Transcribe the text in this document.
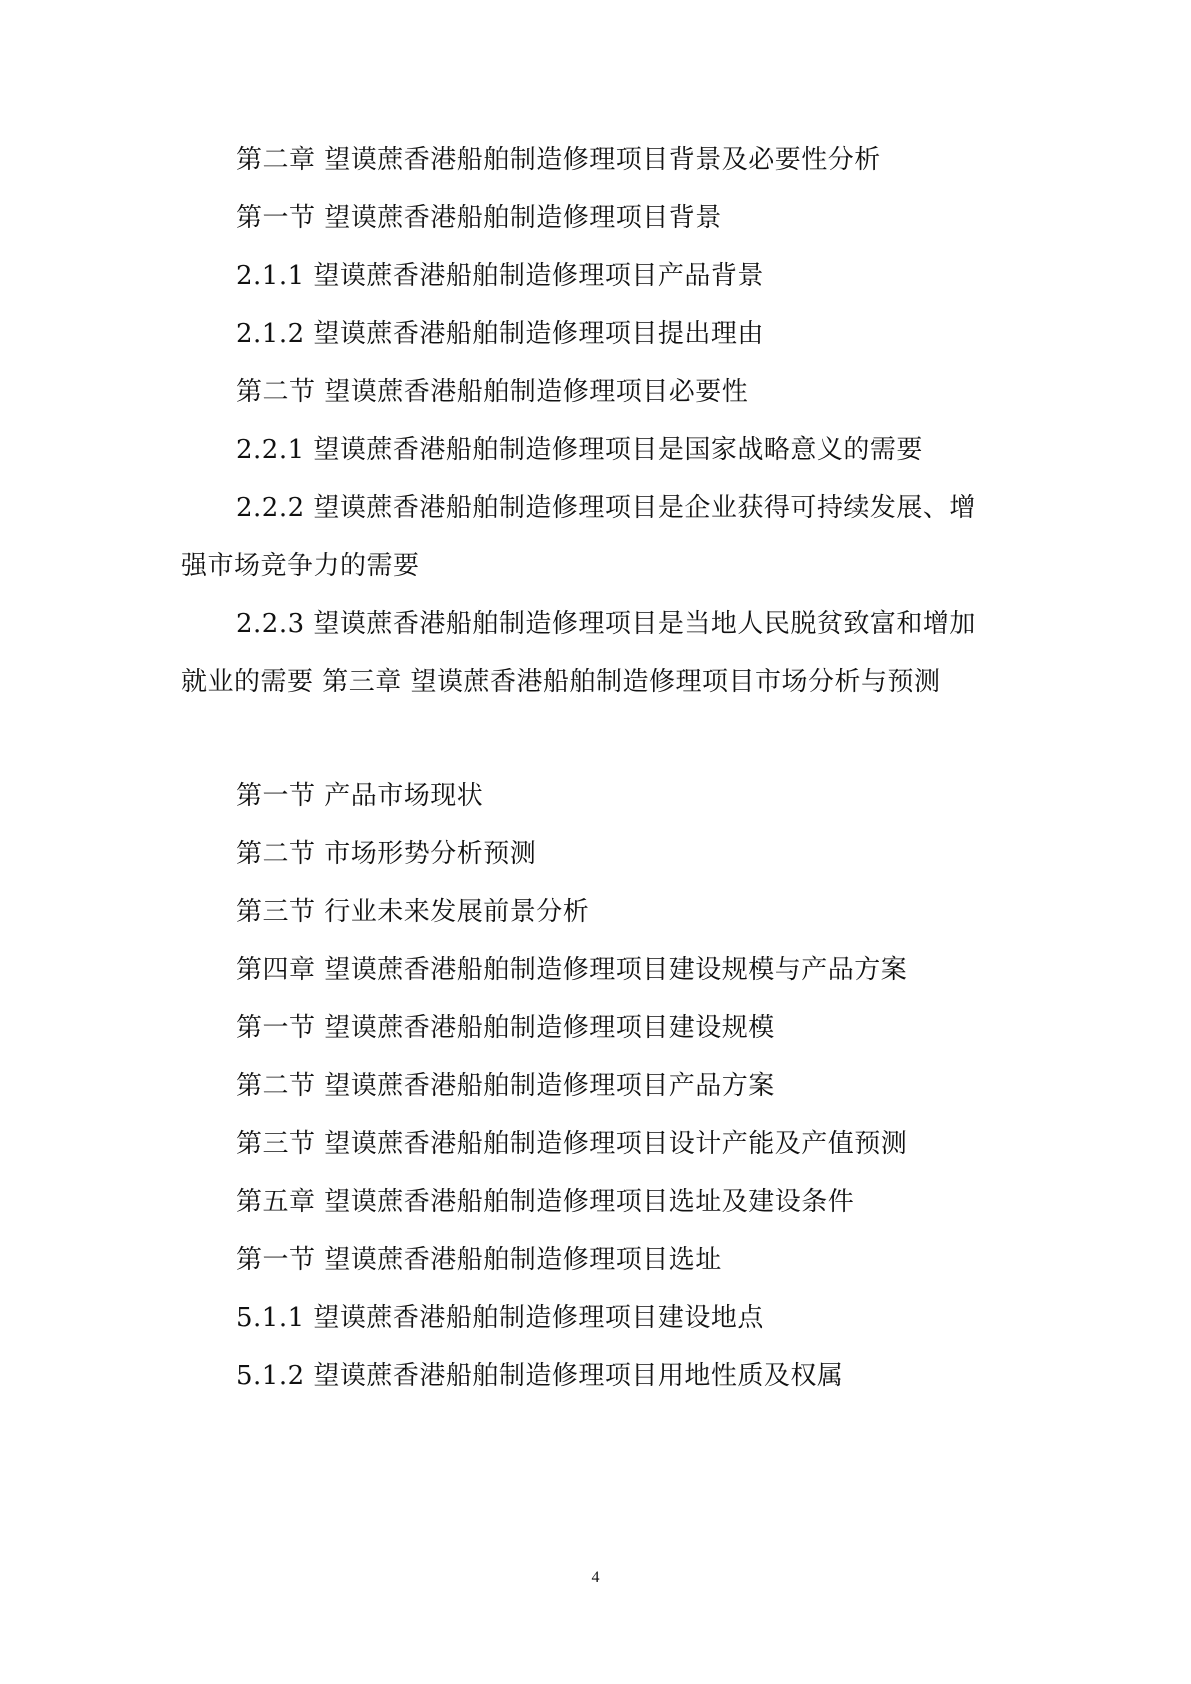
第二章 望谟蔗香港船舶制造修理项目背景及必要性分析
第一节 望谟蔗香港船舶制造修理项目背景
2.1.1 望谟蔗香港船舶制造修理项目产品背景
2.1.2 望谟蔗香港船舶制造修理项目提出理由
第二节 望谟蔗香港船舶制造修理项目必要性
2.2.1 望谟蔗香港船舶制造修理项目是国家战略意义的需要
2.2.2 望谟蔗香港船舶制造修理项目是企业获得可持续发展、增
强市场竞争力的需要
2.2.3 望谟蔗香港船舶制造修理项目是当地人民脱贫致富和增加
就业的需要 第三章 望谟蔗香港船舶制造修理项目市场分析与预测
第一节 产品市场现状
第二节 市场形势分析预测
第三节 行业未来发展前景分析
第四章 望谟蔗香港船舶制造修理项目建设规模与产品方案
第一节 望谟蔗香港船舶制造修理项目建设规模
第二节 望谟蔗香港船舶制造修理项目产品方案
第三节 望谟蔗香港船舶制造修理项目设计产能及产值预测
第五章 望谟蔗香港船舶制造修理项目选址及建设条件
第一节 望谟蔗香港船舶制造修理项目选址
5.1.1 望谟蔗香港船舶制造修理项目建设地点
5.1.2 望谟蔗香港船舶制造修理项目用地性质及权属
4
